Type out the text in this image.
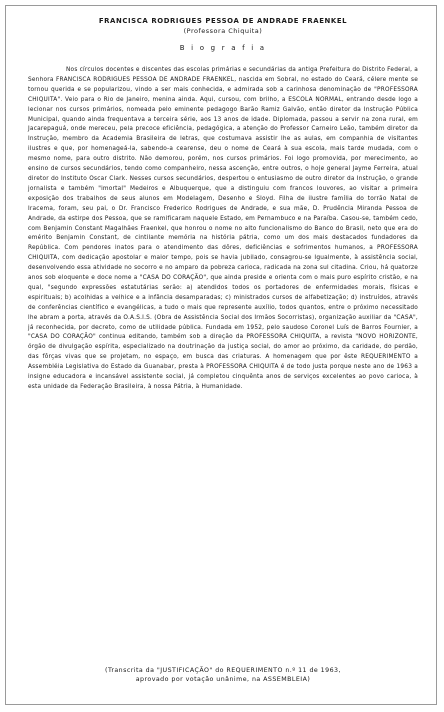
FRANCISCA RODRIGUES PESSOA DE ANDRADE FRAENKEL

(Professora Chiquita)

B i o g r a f i a

Nos círculos docentes e discentes das escolas primárias e secundárias da antiga Prefeitura do Distrito Federal, a Senhora FRANCISCA RODRIGUES PESSOA DE ANDRADE FRAENKEL, nascida em Sobral, no estado do Ceará, célere mente se tornou querida e se popularizou, vindo a ser mais conhecida, e admirada sob a carinhosa denominação de "PROFESSORA CHIQUITA". Veio para o Rio de Janeiro, menina ainda. Aqui, cursou, com brilho, a ESCOLA NORMAL, entrando desde logo a lecionar nos cursos primários, nomeada pelo eminente pedagogo Barão Ramiz Galvão, então diretor da Instrução Pública Municipal, quando ainda frequentava a terceira série, aos 13 anos de idade. Diplomada, passou a servir na zona rural, em Jacarepaguá, onde mereceu, pela precoce eficiência, pedagógica, a atenção do Professor Carneiro Leão, também diretor da Instrução, membro da Academia Brasileira de letras, que costumava assistir lhe as aulas, em companhia de visitantes ilustres e que, por homenageá-la, sabendo-a cearense, deu o nome de Ceará à sua escola, mais tarde mudada, com o mesmo nome, para outro distrito. Não demorou, porém, nos cursos primários. Foi logo promovida, por merecimento, ao ensino de cursos secundários, tendo como companheiro, nessa ascenção, entre outros, o hoje general Jayme Ferreira, atual diretor do Instituto Oscar Clark. Nesses cursos secundários, despertou o entusiasmo de outro diretor da Instrução, o grande jornalista e também "imortal" Medeiros e Albuquerque, que a distinguiu com francos louvores, ao visitar a primeira exposição dos trabalhos de seus alunos em Modelagem, Desenho e Sloyd. Filha de ilustre família do torrão Natal de Iracema, foram, seu pai, o Dr. Francisco Frederico Rodrigues de Andrade, e sua mãe, D. Prudência Miranda Pessoa de Andrade, da estirpe dos Pessoa, que se ramificaram naquele Estado, em Pernambuco e na Paraíba. Casou-se, também cedo, com Benjamin Constant Magalhães Fraenkel, que honrou o nome no alto funcionalismo do Banco do Brasil, neto que era do emérito Benjamin Constant, de cintilante memória na história pátria, como um dos mais destacados fundadores da República. Com pendores inatos para o atendimento das dôres, deficiências e sofrimentos humanos, a PROFESSORA CHIQUITA, com dedicação apostolar e maior tempo, pois se havia jubilado, consagrou-se Igualmente, à assistência social, desenvolvendo essa atividade no socorro e no amparo da pobreza carioca, radicada na zona sul citadina. Criou, há quatorze anos sob eloquente e doce nome a "CASA DO CORAÇÃO", que ainda preside e orienta com o mais puro espírito cristão, e na qual, "segundo expressões estatutárias serão: a) atendidos todos os portadores de enfermidades morais, físicas e espirituais; b) acolhidas a velhice e a infância desamparadas; c) ministrados cursos de alfabetização; d) instruídos, através de conferências científico e evangélicas, a tudo o mais que represente auxílio, todos quantos, entre o próximo necessitado lhe abram a porta, através da O.A.S.I.S. (Obra de Assistência Social dos Irmãos Socorristas), organização auxiliar da "CASA", já reconhecida, por decreto, como de utilidade pública. Fundada em 1952, pelo saudoso Coronel Luís de Barros Fournier, a "CASA DO CORAÇÃO" continua editando, também sob a direção da PROFESSORA CHIQUITA, a revista "NOVO HORIZONTE, órgão de divulgação espírita, especializado na doutrinação da justiça social, do amor ao próximo, da caridade, do perdão, das fôrças vivas que se projetam, no espaço, em busca das criaturas. A homenagem que por êste REQUERIMENTO a Assembléia Legislativa do Estado da Guanabar, presta à PROFESSORA CHIQUITA é de todo justa porque neste ano de 1963 a insigne educadora e incansável assistente social, já completou cinquênta anos de serviços excelentes ao povo carioca, à esta unidade da Federação Brasileira, à nossa Pátria, à Humanidade.

(Transcrita da "JUSTIFICAÇÃO" do REQUERIMENTO n.º 11 de 1963,

aprovado por votação unânime, na ASSEMBLEIA)
